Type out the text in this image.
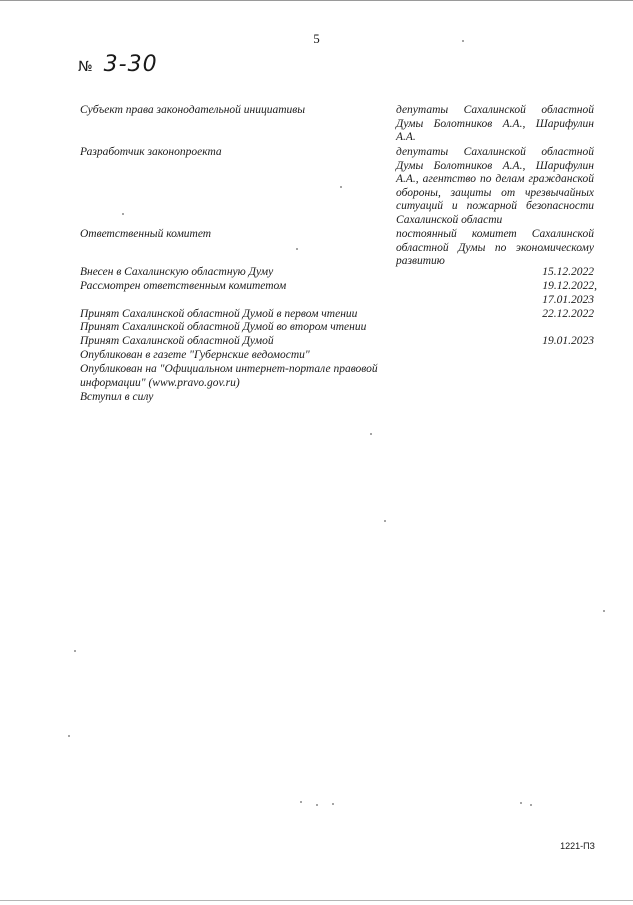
5
№ 3-30
Субъект права законодательной инициативы	депутаты Сахалинской областной Думы Болотников А.А., Шарифулин А.А.
Разработчик законопроекта	депутаты Сахалинской областной Думы Болотников А.А., Шарифулин А.А., агентство по делам гражданской обороны, защиты от чрезвычайных ситуаций и пожарной безопасности Сахалинской области
Ответственный комитет	постоянный комитет Сахалинской областной Думы по экономическому развитию
Внесен в Сахалинскую областную Думу	15.12.2022
Рассмотрен ответственным комитетом	19.12.2022,
17.01.2023
Принят Сахалинской областной Думой в первом чтении	22.12.2022
Принят Сахалинской областной Думой во втором чтении
Принят Сахалинской областной Думой	19.01.2023
Опубликован в газете "Губернские ведомости"
Опубликован на "Официальном интернет-портале правовой
информации" (www.pravo.gov.ru)
Вступил в силу
1221-ПЗ
